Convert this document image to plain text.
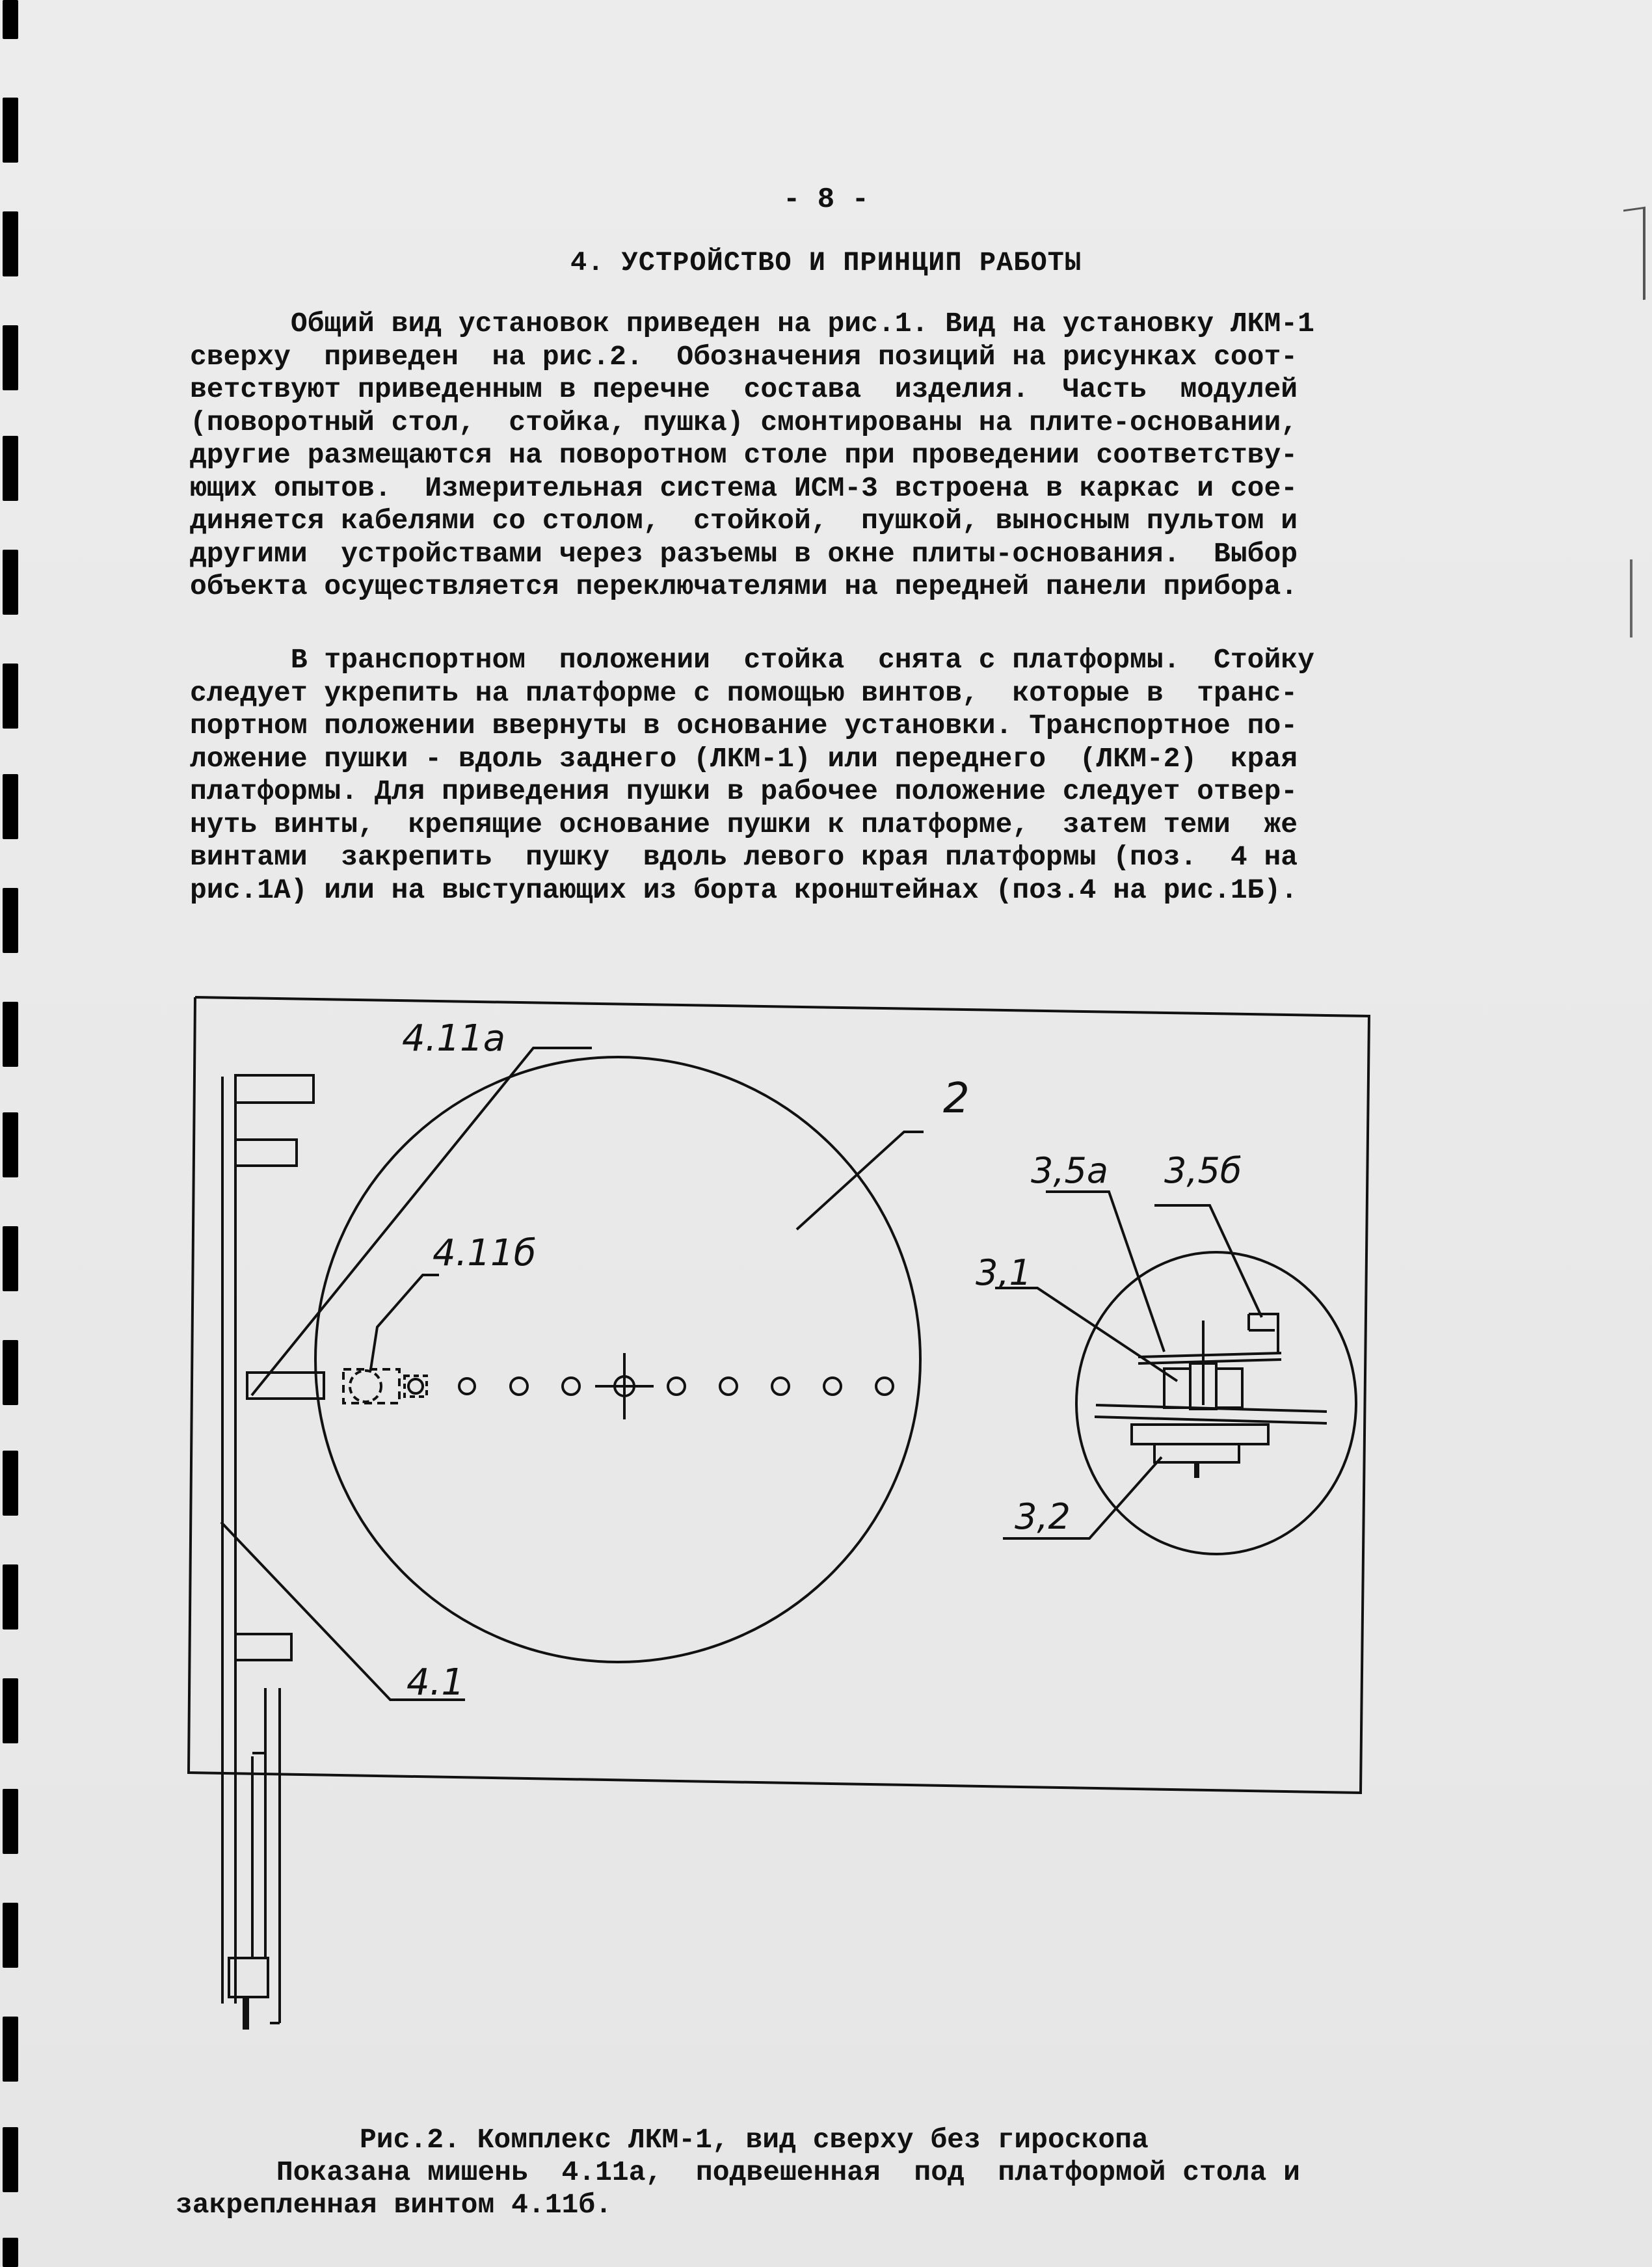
- 8 -
4. УСТРОЙСТВО И ПРИНЦИП РАБОТЫ
Общий вид установок приведен на рис.1. Вид на установку ЛКМ-1
сверху  приведен  на рис.2.  Обозначения позиций на рисунках соот-
ветствуют приведенным в перечне  состава  изделия.  Часть  модулей
(поворотный стол,  стойка, пушка) смонтированы на плите-основании,
другие размещаются на поворотном столе при проведении соответству-
ющих опытов.  Измерительная система ИСМ-3 встроена в каркас и сое-
диняется кабелями со столом,  стойкой,  пушкой, выносным пультом и
другими  устройствами через разъемы в окне плиты-основания.  Выбор
объекта осуществляется переключателями на передней панели прибора.
В транспортном  положении  стойка  снята с платформы.  Стойку
следует укрепить на платформе с помощью винтов,  которые в  транс-
портном положении ввернуты в основание установки. Транспортное по-
ложение пушки - вдоль заднего (ЛКМ-1) или переднего  (ЛКМ-2)  края
платформы. Для приведения пушки в рабочее положение следует отвер-
нуть винты,  крепящие основание пушки к платформе,  затем теми  же
винтами  закрепить  пушку  вдоль левого края платформы (поз.  4 на
рис.1А) или на выступающих из борта кронштейнах (поз.4 на рис.1Б).
4.11а
2
4.11б
3,5а 3,5б
3,1
3,2
4.1
Рис.2. Комплекс ЛКМ-1, вид сверху без гироскопа
Показана мишень  4.11а,  подвешенная  под  платформой стола и
закрепленная винтом 4.11б.
